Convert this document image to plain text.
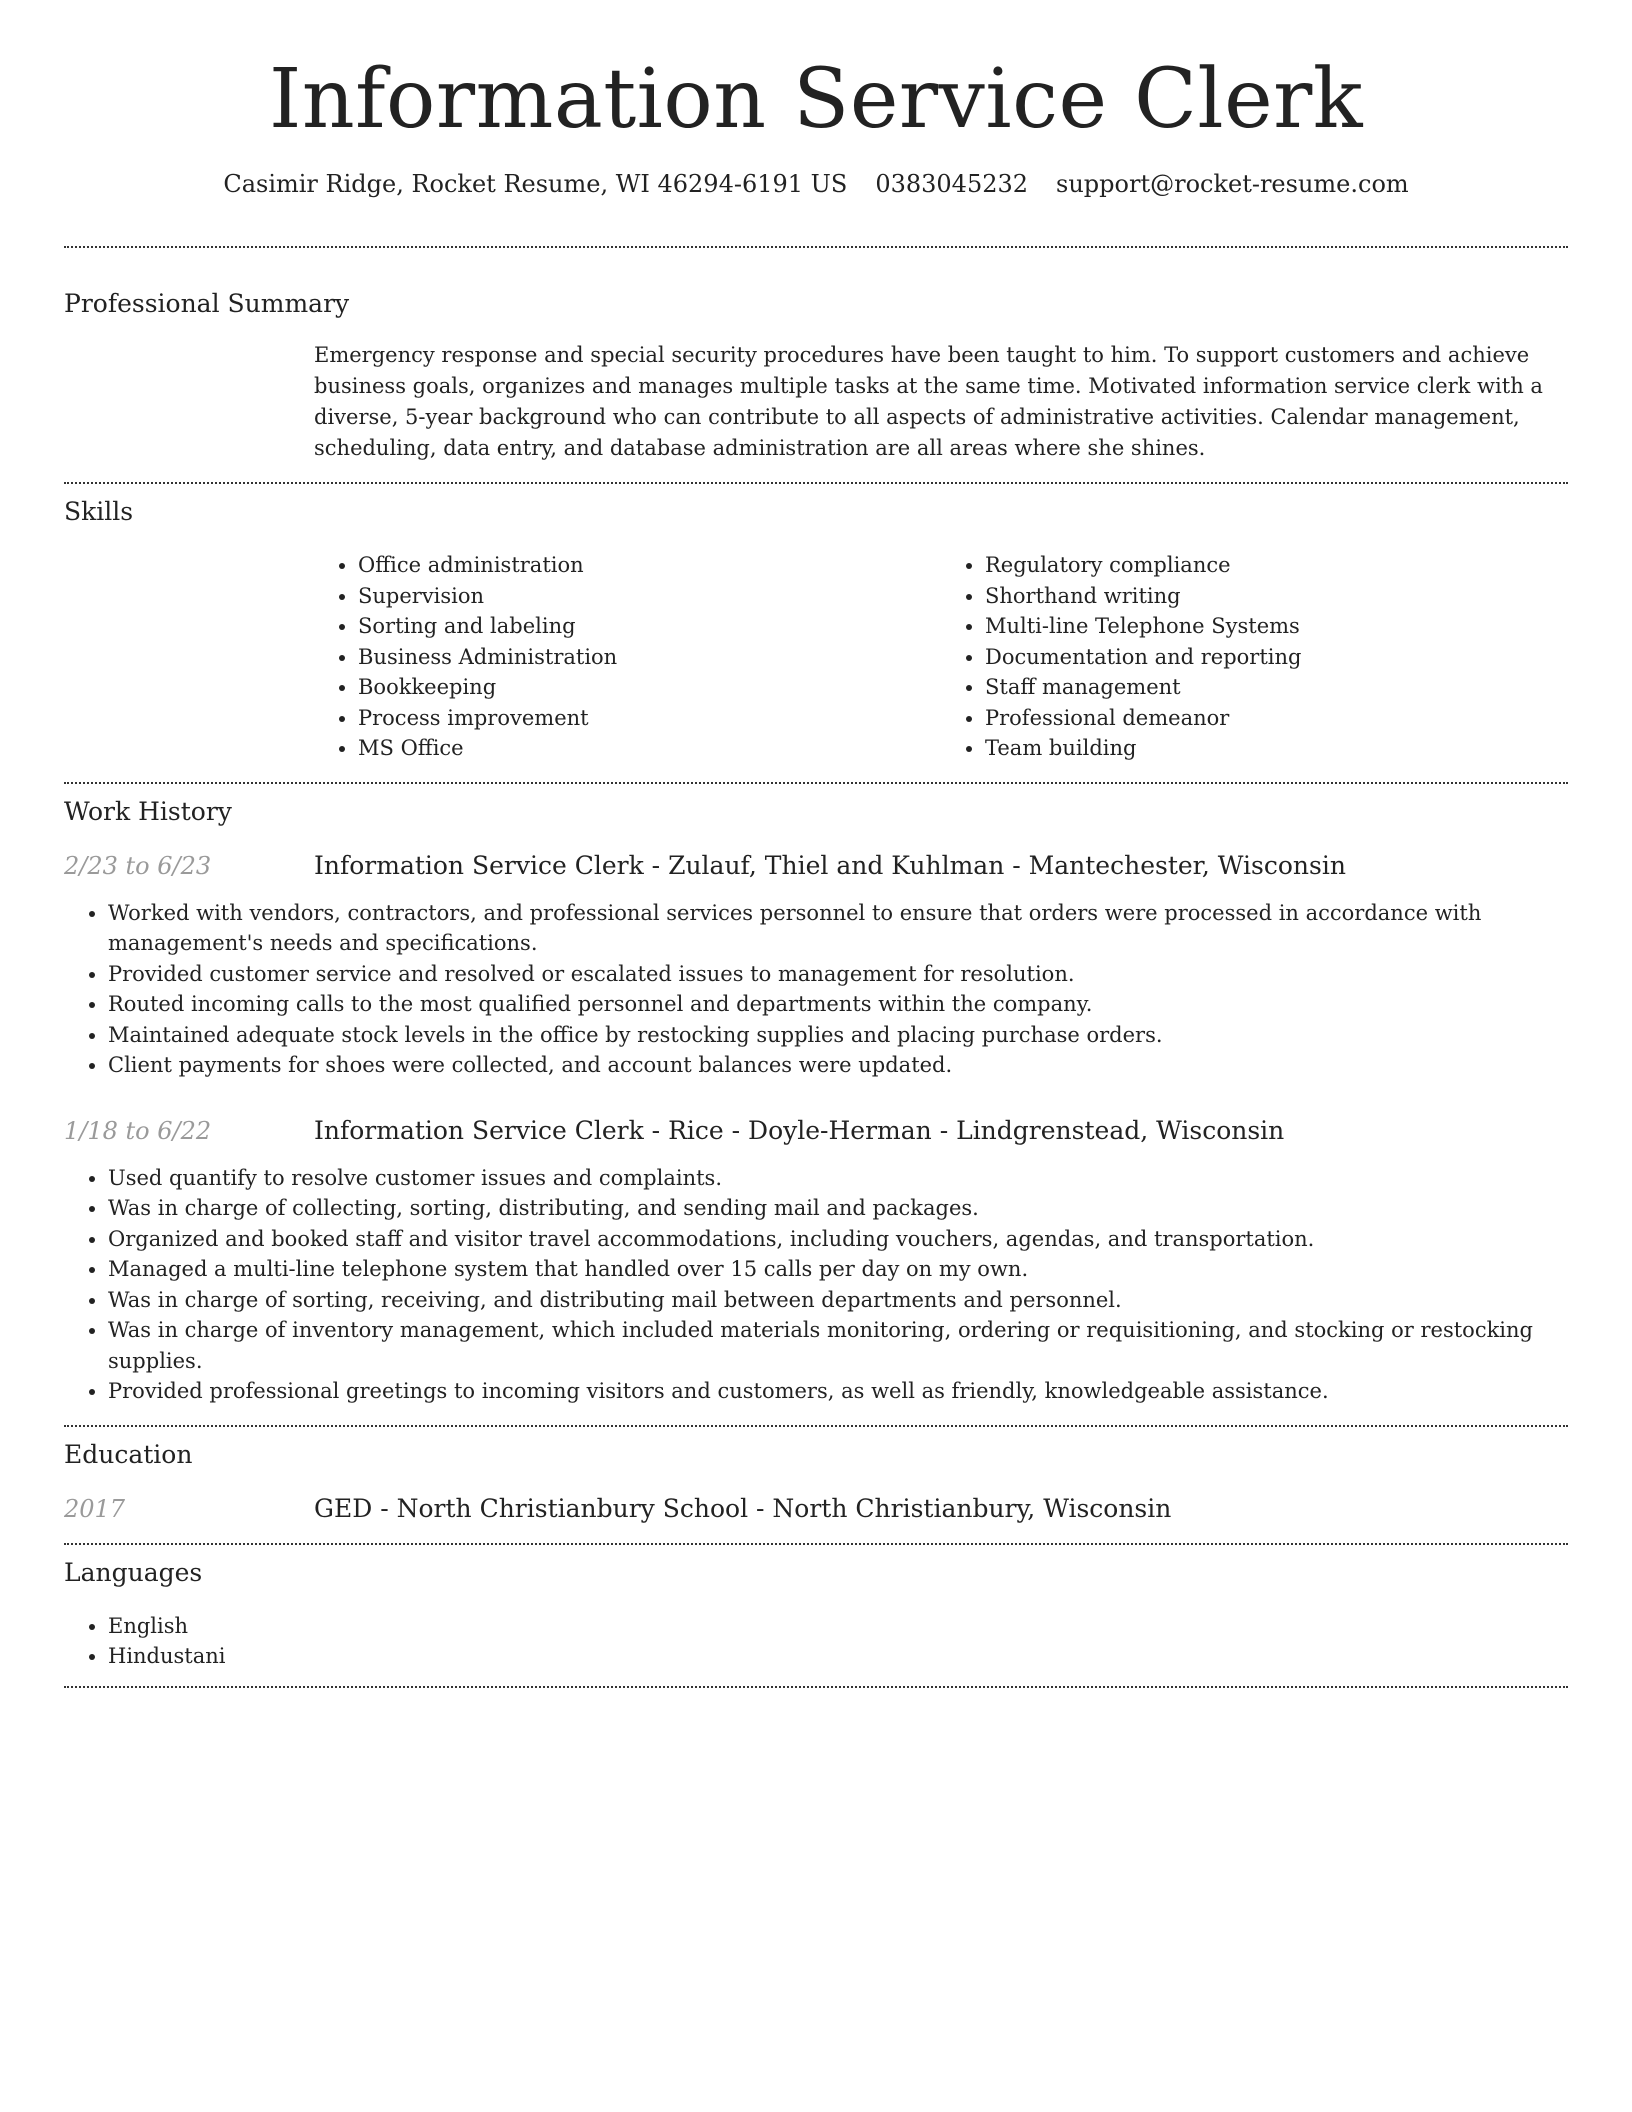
Information Service Clerk
Casimir Ridge, Rocket Resume, WI 46294-6191 US 0383045232 support@rocket-resume.com
Professional Summary
Emergency response and special security procedures have been taught to him. To support customers and achieve business goals, organizes and manages multiple tasks at the same time. Motivated information service clerk with a diverse, 5-year background who can contribute to all aspects of administrative activities. Calendar management, scheduling, data entry, and database administration are all areas where she shines.
Skills
• Office administration
• Supervision
• Sorting and labeling
• Business Administration
• Bookkeeping
• Process improvement
• MS Office
• Regulatory compliance
• Shorthand writing
• Multi-line Telephone Systems
• Documentation and reporting
• Staff management
• Professional demeanor
• Team building
Work History
2/23 to 6/23	Information Service Clerk - Zulauf, Thiel and Kuhlman - Mantechester, Wisconsin
• Worked with vendors, contractors, and professional services personnel to ensure that orders were processed in accordance with management's needs and specifications.
• Provided customer service and resolved or escalated issues to management for resolution.
• Routed incoming calls to the most qualified personnel and departments within the company.
• Maintained adequate stock levels in the office by restocking supplies and placing purchase orders.
• Client payments for shoes were collected, and account balances were updated.
1/18 to 6/22	Information Service Clerk - Rice - Doyle-Herman - Lindgrenstead, Wisconsin
• Used quantify to resolve customer issues and complaints.
• Was in charge of collecting, sorting, distributing, and sending mail and packages.
• Organized and booked staff and visitor travel accommodations, including vouchers, agendas, and transportation.
• Managed a multi-line telephone system that handled over 15 calls per day on my own.
• Was in charge of sorting, receiving, and distributing mail between departments and personnel.
• Was in charge of inventory management, which included materials monitoring, ordering or requisitioning, and stocking or restocking supplies.
• Provided professional greetings to incoming visitors and customers, as well as friendly, knowledgeable assistance.
Education
2017	GED - North Christianbury School - North Christianbury, Wisconsin
Languages
• English
• Hindustani
